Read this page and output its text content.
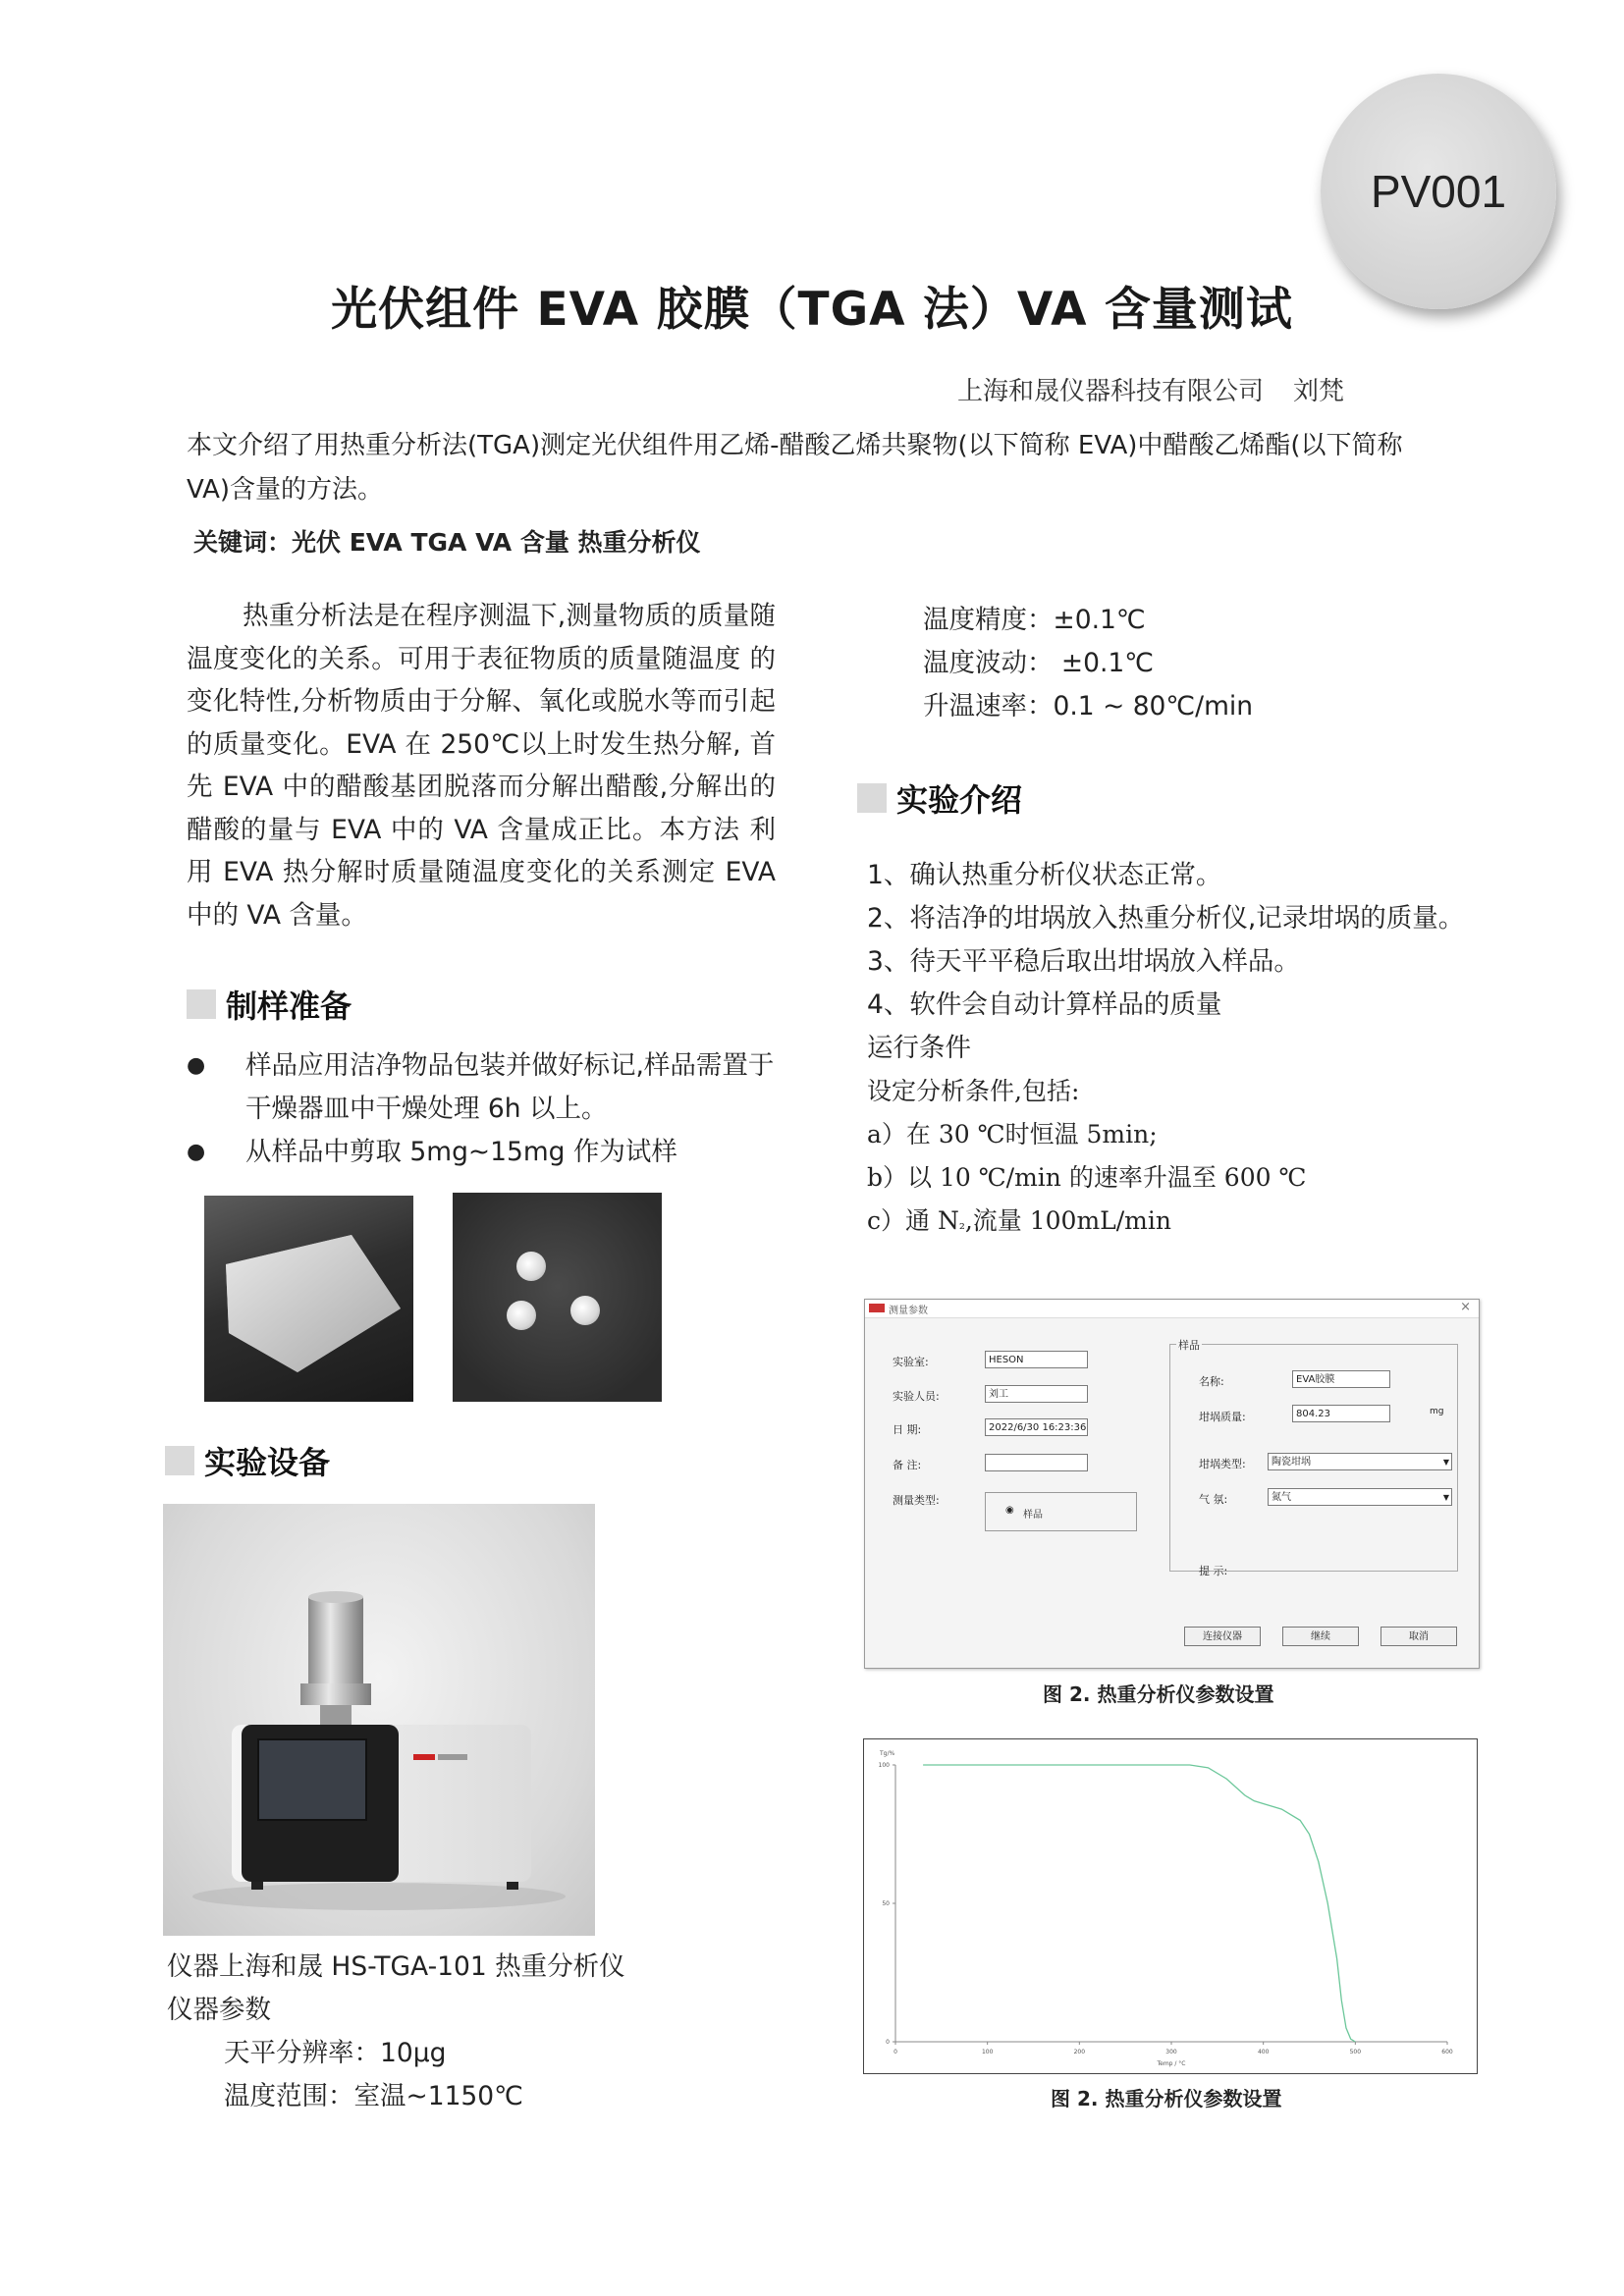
PV001
光伏组件 EVA 胶膜（TGA 法）VA 含量测试
上海和晟仪器科技有限公司 刘梵
本文介绍了用热重分析法(TGA)测定光伏组件用乙烯-醋酸乙烯共聚物(以下简称 EVA)中醋酸乙烯酯(以下简称 VA)含量的方法。
关键词：光伏 EVA TGA VA 含量 热重分析仪
热重分析法是在程序测温下,测量物质的质量随温度变化的关系。可用于表征物质的质量随温度 的变化特性,分析物质由于分解、氧化或脱水等而引起的质量变化。EVA 在 250℃以上时发生热分解, 首先 EVA 中的醋酸基团脱落而分解出醋酸,分解出的醋酸的量与 EVA 中的 VA 含量成正比。本方法 利用 EVA 热分解时质量随温度变化的关系测定 EVA 中的 VA 含量。
制样准备
● 样品应用洁净物品包装并做好标记,样品需置于干燥器皿中干燥处理 6h 以上。
● 从样品中剪取 5mg~15mg 作为试样
实验设备
仪器上海和晟 HS-TGA-101 热重分析仪
仪器参数
天平分辨率：10μg
温度范围：室温~1150℃
温度精度：±0.1℃
温度波动： ±0.1℃
升温速率：0.1 ~ 80℃/min
实验介绍
1、确认热重分析仪状态正常。
2、将洁净的坩埚放入热重分析仪,记录坩埚的质量。
3、待天平平稳后取出坩埚放入样品。
4、软件会自动计算样品的质量
运行条件
设定分析条件,包括:
a）在 30 ℃时恒温 5min;
b）以 10 ℃/min 的速率升温至 600 ℃
c）通 N₂,流量 100mL/min
测量参数	×
实验室:	HESON
实验人员:	刘工
日 期:	2022/6/30 16:23:36
备 注:
测量类型:
◉ 样品
样品
名称:	EVA胶膜
坩埚质量:	804.23	mg
坩埚类型:	陶瓷坩埚	▼
气 氛:	氮气	▼
提 示:
连接仪器	继续	取消
图 2. 热重分析仪参数设置
0	100	200	300	400	500	600
0
50
100
Tg/%
Temp / °C
图 2. 热重分析仪参数设置
